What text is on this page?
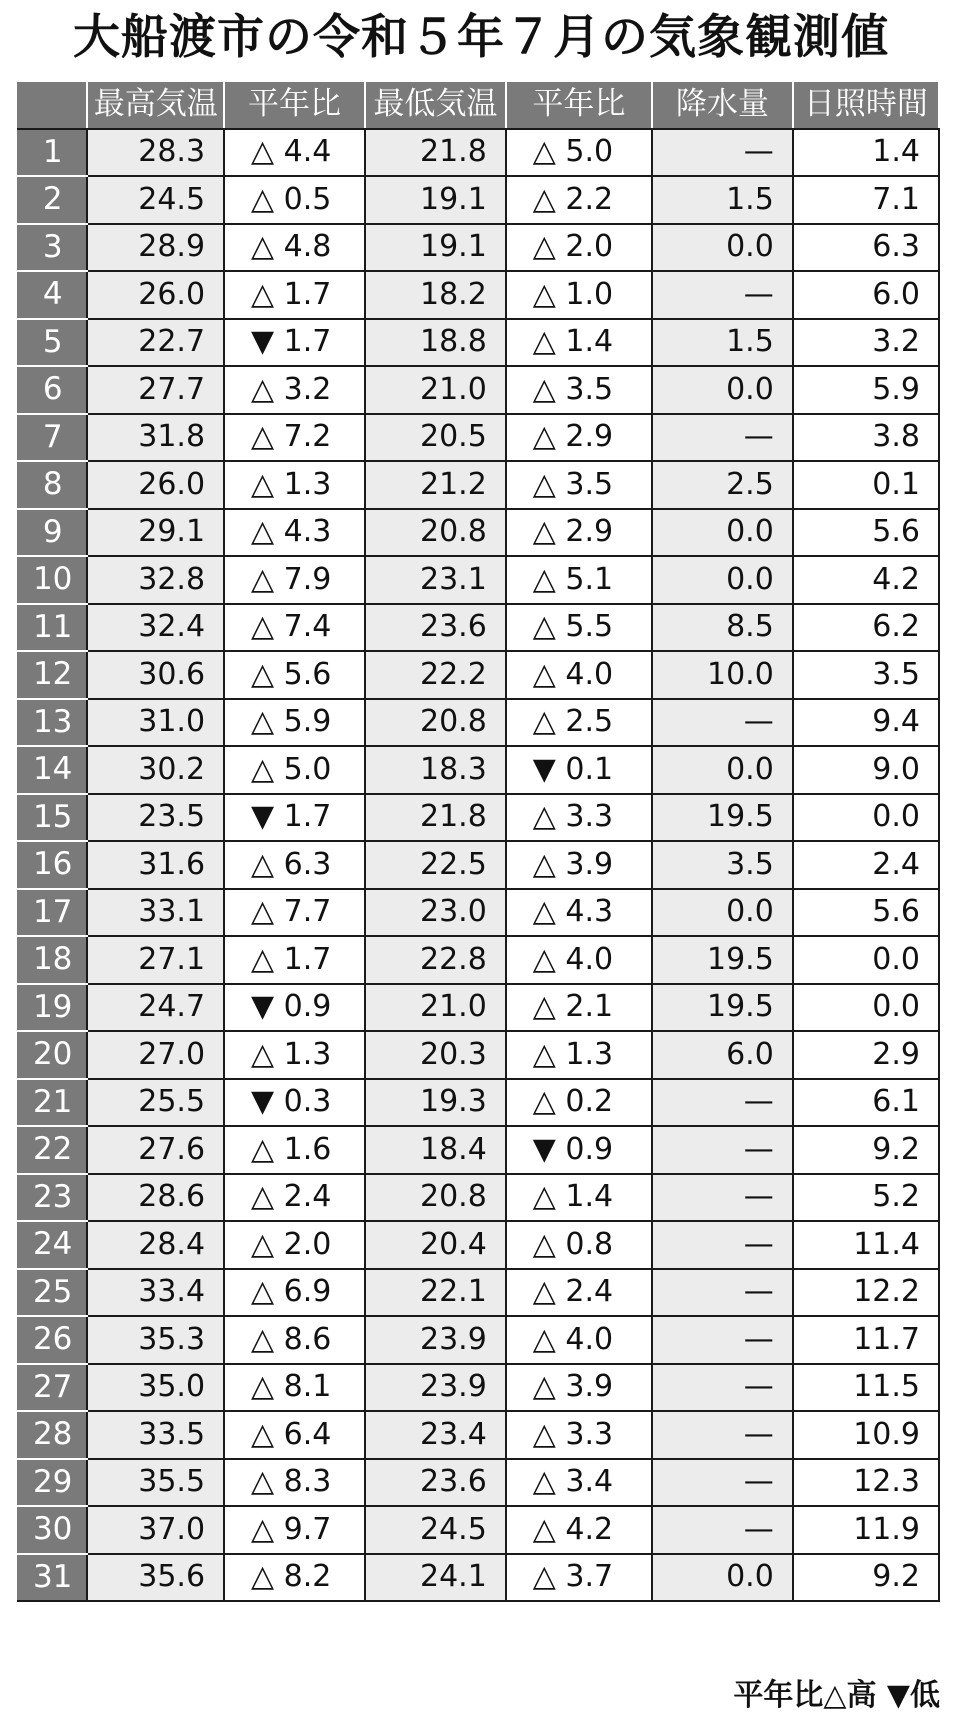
大船渡市の令和５年７月の気象観測値
	最高気温	平年比	最低気温	平年比	降水量	日照時間
1	28.3	△ 4.4	21.8	△ 5.0	—	1.4
2	24.5	△ 0.5	19.1	△ 2.2	1.5	7.1
3	28.9	△ 4.8	19.1	△ 2.0	0.0	6.3
4	26.0	△ 1.7	18.2	△ 1.0	—	6.0
5	22.7	▼ 1.7	18.8	△ 1.4	1.5	3.2
6	27.7	△ 3.2	21.0	△ 3.5	0.0	5.9
7	31.8	△ 7.2	20.5	△ 2.9	—	3.8
8	26.0	△ 1.3	21.2	△ 3.5	2.5	0.1
9	29.1	△ 4.3	20.8	△ 2.9	0.0	5.6
10	32.8	△ 7.9	23.1	△ 5.1	0.0	4.2
11	32.4	△ 7.4	23.6	△ 5.5	8.5	6.2
12	30.6	△ 5.6	22.2	△ 4.0	10.0	3.5
13	31.0	△ 5.9	20.8	△ 2.5	—	9.4
14	30.2	△ 5.0	18.3	▼ 0.1	0.0	9.0
15	23.5	▼ 1.7	21.8	△ 3.3	19.5	0.0
16	31.6	△ 6.3	22.5	△ 3.9	3.5	2.4
17	33.1	△ 7.7	23.0	△ 4.3	0.0	5.6
18	27.1	△ 1.7	22.8	△ 4.0	19.5	0.0
19	24.7	▼ 0.9	21.0	△ 2.1	19.5	0.0
20	27.0	△ 1.3	20.3	△ 1.3	6.0	2.9
21	25.5	▼ 0.3	19.3	△ 0.2	—	6.1
22	27.6	△ 1.6	18.4	▼ 0.9	—	9.2
23	28.6	△ 2.4	20.8	△ 1.4	—	5.2
24	28.4	△ 2.0	20.4	△ 0.8	—	11.4
25	33.4	△ 6.9	22.1	△ 2.4	—	12.2
26	35.3	△ 8.6	23.9	△ 4.0	—	11.7
27	35.0	△ 8.1	23.9	△ 3.9	—	11.5
28	33.5	△ 6.4	23.4	△ 3.3	—	10.9
29	35.5	△ 8.3	23.6	△ 3.4	—	12.3
30	37.0	△ 9.7	24.5	△ 4.2	—	11.9
31	35.6	△ 8.2	24.1	△ 3.7	0.0	9.2
平年比△高 ▼低
